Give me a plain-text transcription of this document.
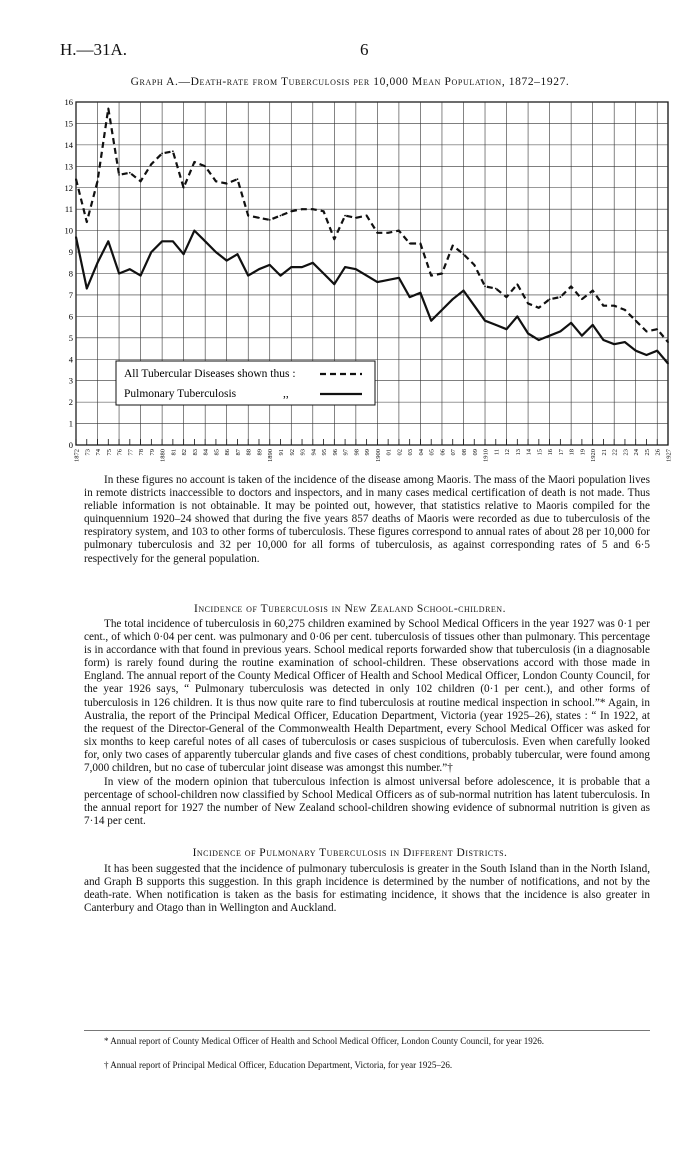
H.—31A.	6
Graph A.—Death-rate from Tuberculosis per 10,000 Mean Population, 1872–1927.
0
1
2
3
4
5
6
7
8
9
10
11
12
13
14
15
16
1872 73 74 75 76 77 78 79 1880 81 82 83 84 85 86 87 88 89 1890 91 92 93 94 95 96 97 98 99 1900 01 02 03 04 05 06 07 08 09 1910 11 12 13 14 15 16 17 18 19 1920 21 22 23 24 25 26 1927
All Tubercular Diseases shown thus :
Pulmonary Tuberculosis	,,
In these figures no account is taken of the incidence of the disease among Maoris. The mass of the Maori population lives in remote districts inaccessible to doctors and inspectors, and in many cases medical certification of death is not made. Thus reliable information is not obtainable. It may be pointed out, however, that statistics relative to Maoris compiled for the quinquennium 1920–24 showed that during the five years 857 deaths of Maoris were recorded as due to tuberculosis of the respiratory system, and 103 to other forms of tuberculosis. These figures correspond to annual rates of about 28 per 10,000 for pulmonary tuberculosis and 32 per 10,000 for all forms of tuberculosis, as against corresponding rates of 5 and 6·5 respectively for the general population.
Incidence of Tuberculosis in New Zealand School-children.
The total incidence of tuberculosis in 60,275 children examined by School Medical Officers in the year 1927 was 0·1 per cent., of which 0·04 per cent. was pulmonary and 0·06 per cent. tuberculosis of tissues other than pulmonary. This percentage is in accordance with that found in previous years. School medical reports forwarded show that tuberculosis (in a diagnosable form) is rarely found during the routine examination of school-children. These observations accord with those made in England. The annual report of the County Medical Officer of Health and School Medical Officer, London County Council, for the year 1926 says, “ Pulmonary tuberculosis was detected in only 102 children (0·1 per cent.), and other forms of tuberculosis in 126 children. It is thus now quite rare to find tuberculosis at routine medical inspection in school.”* Again, in Australia, the report of the Principal Medical Officer, Education Department, Victoria (year 1925–26), states : “ In 1922, at the request of the Director-General of the Commonwealth Health Department, every School Medical Officer was asked for six months to keep careful notes of all cases of tuberculosis or cases suspicious of tuberculosis. Even when carefully looked for, only two cases of apparently tubercular glands and five cases of chest conditions, probably tubercular, were found among 7,000 children, but no case of tubercular joint disease was amongst this number.”†
In view of the modern opinion that tuberculous infection is almost universal before adolescence, it is probable that a percentage of school-children now classified by School Medical Officers as of sub-normal nutrition has latent tuberculosis. In the annual report for 1927 the number of New Zealand school-children showing evidence of subnormal nutrition is given as 7·14 per cent.
Incidence of Pulmonary Tuberculosis in Different Districts.
It has been suggested that the incidence of pulmonary tuberculosis is greater in the South Island than in the North Island, and Graph B supports this suggestion. In this graph incidence is determined by the number of notifications, and not by the death-rate. When notification is taken as the basis for estimating incidence, it shows that the incidence is also greater in Canterbury and Otago than in Wellington and Auckland.
* Annual report of County Medical Officer of Health and School Medical Officer, London County Council, for year 1926.
† Annual report of Principal Medical Officer, Education Department, Victoria, for year 1925–26.
